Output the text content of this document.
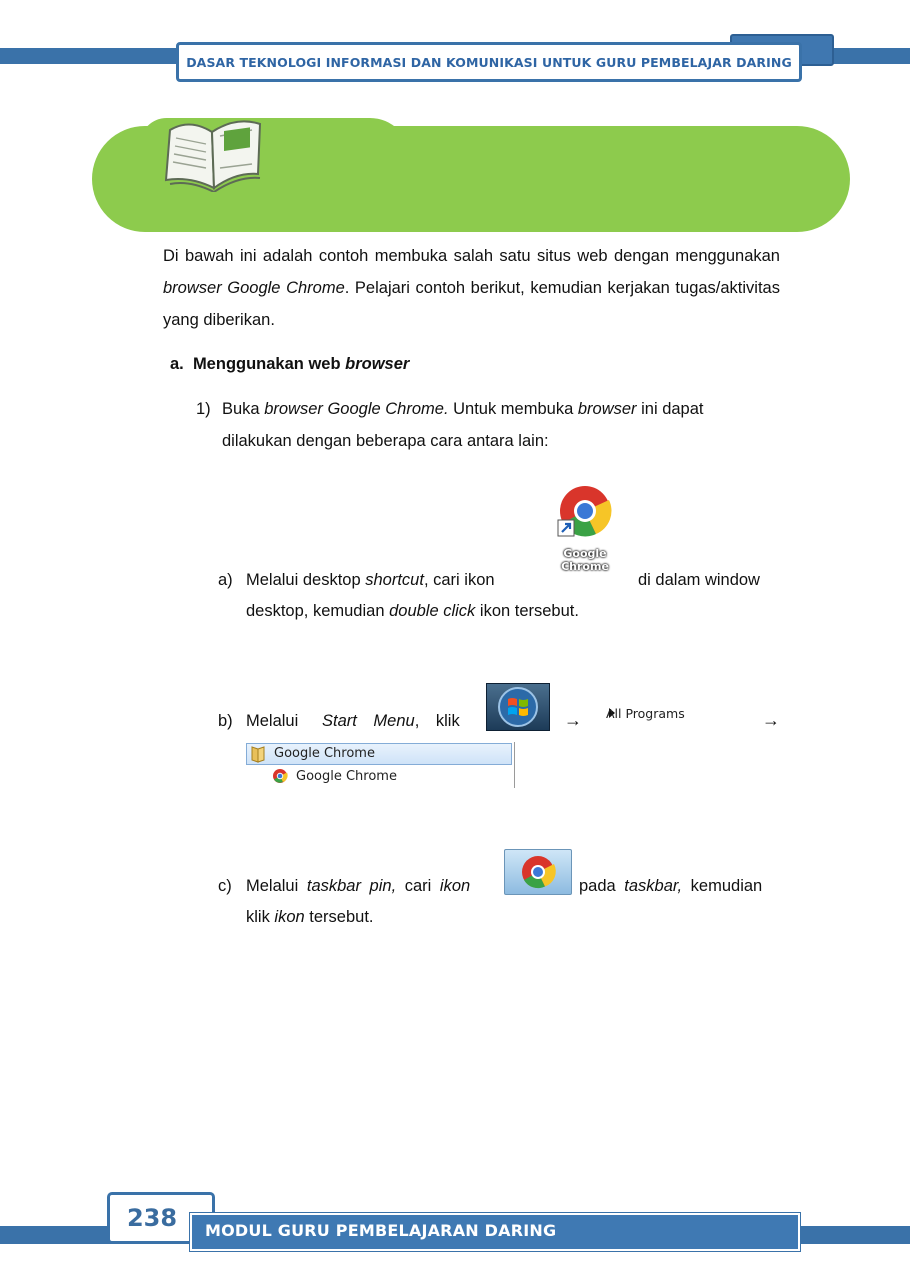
DASAR TEKNOLOGI INFORMASI DAN KOMUNIKASI UNTUK GURU PEMBELAJAR DARING
Di bawah ini adalah contoh membuka salah satu situs web dengan menggunakan browser Google Chrome. Pelajari contoh berikut, kemudian kerjakan tugas/aktivitas yang diberikan.
a. Menggunakan web browser
1) Buka browser Google Chrome. Untuk membuka browser ini dapat
dilakukan dengan beberapa cara antara lain:
a) Melalui desktop shortcut, cari ikon	di dalam window
desktop, kemudian double click ikon tersebut.
Google
Chrome
b) Melalui Start Menu, klik	→ All Programs	→
Google Chrome
Google Chrome
c) Melalui taskbar pin, cari ikon	pada taskbar, kemudian
klik ikon tersebut.
238	MODUL GURU PEMBELAJARAN DARING
